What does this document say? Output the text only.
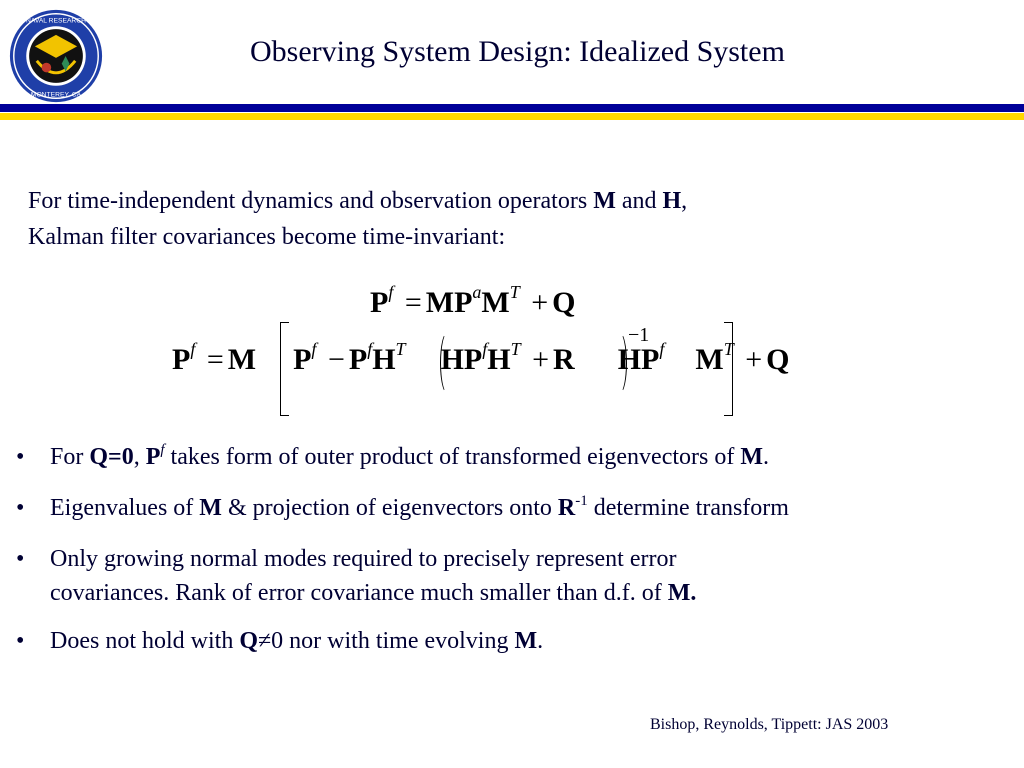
NAVAL RESEARCH
MONTEREY, CA
Observing System Design: Idealized System
For time-independent dynamics and observation operators M and H,
Kalman filter covariances become time-invariant:
$P^f = MP^aM^T + Q$
$P^f = M$ $P^f - P^fH^T$ $HP^fH^T + R$ $HP^f$ $M^T + Q$
−1
• For Q=0, $P^f$ takes form of outer product of transformed eigenvectors of M.
• Eigenvalues of M & projection of eigenvectors onto $R^{-1}$ determine transform
• Only growing normal modes required to precisely represent error
covariances. Rank of error covariance much smaller than d.f. of M.
• Does not hold with Q≠0 nor with time evolving M.
Bishop, Reynolds, Tippett: JAS 2003
